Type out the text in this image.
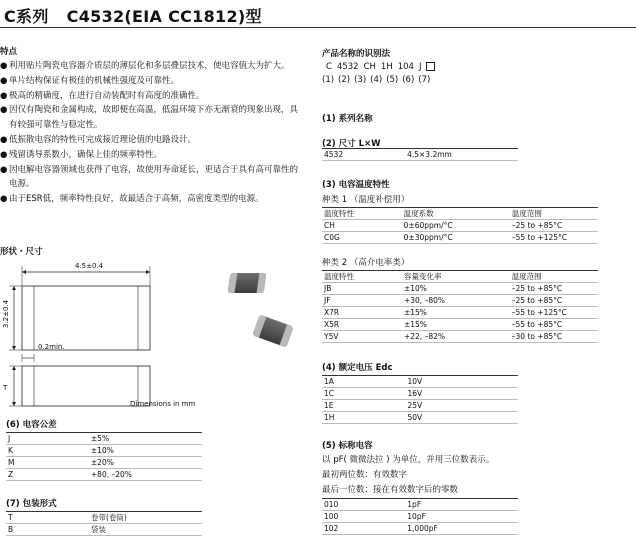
C系列 C4532(EIA CC1812)型
特点
● 利用贴片陶瓷电容器介质层的薄层化和多层叠层技术，使电容值大为扩大。
● 单片结构保证有极佳的机械性强度及可靠性。
● 极高的精确度，在进行自动装配时有高度的准确性。
● 因仅有陶瓷和金属构成，故即便在高温，低温环境下亦无渐衰的现象出现，具有较强可靠性与稳定性。
● 低振散电容的特性可完成接近理论值的电路设计。
● 残留诱导系数小，确保上佳的频率特性。
● 因电解电容器领域也获得了电容，故使用寿命延长，更适合于具有高可靠性的电源。
● 由于ESR低，频率特性良好，故最适合于高频，高密度类型的电源。
形状・尺寸
4.5±0.4
3.2±0.4
0.2min.
T
Dimensions in mm
(6) 电容公差
J	±5%
K	±10%
M	±20%
Z	+80, –20%
(7) 包装形式
T	卷带(卷筒)
B	袋装
产品名称的识别法
C 4532 CH 1H 104 J
(1) (2) (3) (4) (5) (6) (7)
(1) 系列名称
(2) 尺寸 L×W
4532	4.5×3.2mm
(3) 电容温度特性
种类 1 （温度补偿用）
温度特性	温度系数	温度范围
CH	0±60ppm/°C	–25 to +85°C
C0G	0±30ppm/°C	–55 to +125°C
种类 2 （高介电率类）
温度特性	容量变化率	温度范围
JB	±10%	–25 to +85°C
JF	+30, –80%	–25 to +85°C
X7R	±15%	–55 to +125°C
X5R	±15%	–55 to +85°C
Y5V	+22, –82%	–30 to +85°C
(4) 额定电压 Edc
1A	10V
1C	16V
1E	25V
1H	50V
(5) 标称电容
以 pF( 微微法拉 ) 为单位，并用三位数表示。
最初两位数：有效数字
最后一位数：接在有效数字后的零数
010	1pF
100	10pF
102	1,000pF
